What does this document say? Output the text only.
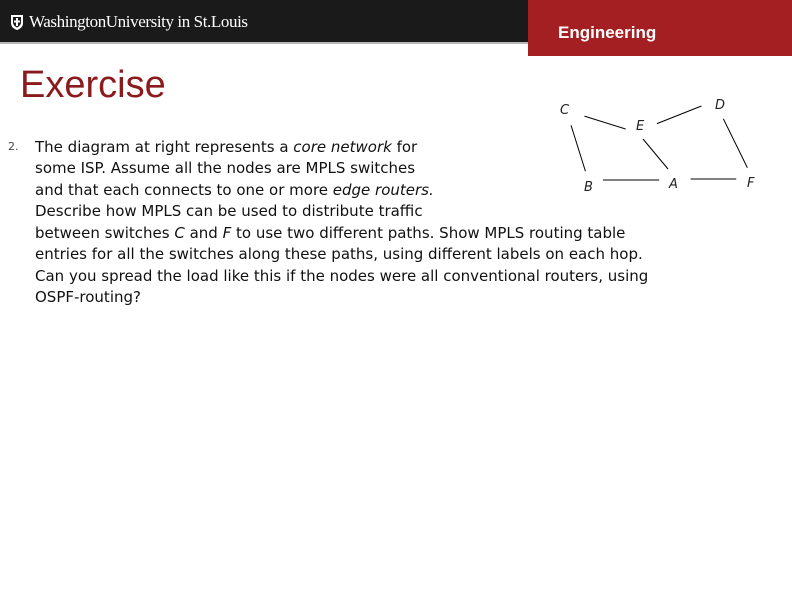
WashingtonUniversity in St.Louis
Engineering
Exercise
2. The diagram at right represents a core network for
some ISP. Assume all the nodes are MPLS switches
and that each connects to one or more edge routers.
Describe how MPLS can be used to distribute traffic
between switches C and F to use two different paths. Show MPLS routing table
entries for all the switches along these paths, using different labels on each hop.
Can you spread the load like this if the nodes were all conventional routers, using
OSPF-routing?
C	D
E
B	A	F
